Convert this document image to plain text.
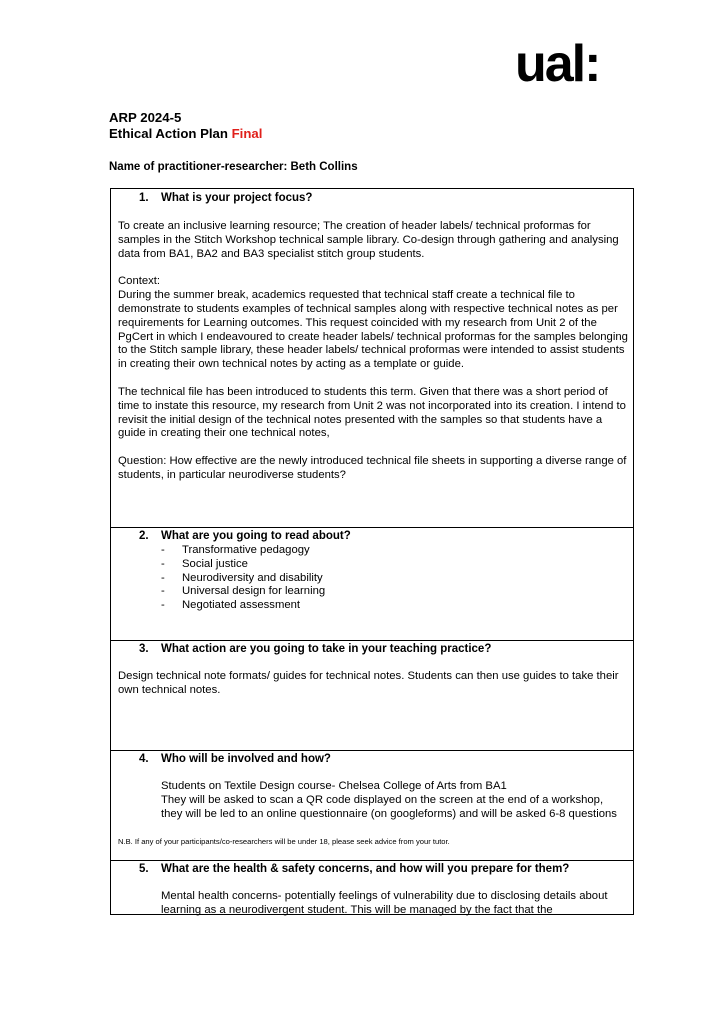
ual:
ARP 2024-5
Ethical Action Plan Final
Name of practitioner-researcher: Beth Collins
1. What is your project focus?

To create an inclusive learning resource; The creation of header labels/ technical proformas for samples in the Stitch Workshop technical sample library. Co-design through gathering and analysing data from BA1, BA2 and BA3 specialist stitch group students.

Context:

During the summer break, academics requested that technical staff create a technical file to demonstrate to students examples of technical samples along with respective technical notes as per requirements for Learning outcomes. This request coincided with my research from Unit 2 of the PgCert in which I endeavoured to create header labels/ technical proformas for the samples belonging to the Stitch sample library, these header labels/ technical proformas were intended to assist students in creating their own technical notes by acting as a template or guide.

The technical file has been introduced to students this term. Given that there was a short period of time to instate this resource, my research from Unit 2 was not incorporated into its creation. I intend to revisit the initial design of the technical notes presented with the samples so that students have a guide in creating their one technical notes,

Question: How effective are the newly introduced technical file sheets in supporting a diverse range of students, in particular neurodiverse students?

2. What are you going to read about?
- Transformative pedagogy
- Social justice
- Neurodiversity and disability
- Universal design for learning
- Negotiated assessment
3. What action are you going to take in your teaching practice?
Design technical note formats/ guides for technical notes. Students can then use guides to take their own technical notes.
4. Who will be involved and how?
Students on Textile Design course- Chelsea College of Arts from BA1
They will be asked to scan a QR code displayed on the screen at the end of a workshop, they will be led to an online questionnaire (on googleforms) and will be asked 6-8 questions
N.B. If any of your participants/co-researchers will be under 18, please seek advice from your tutor.
5. What are the health & safety concerns, and how will you prepare for them?
Mental health concerns- potentially feelings of vulnerability due to disclosing details about learning as a neurodivergent student. This will be managed by the fact that the
